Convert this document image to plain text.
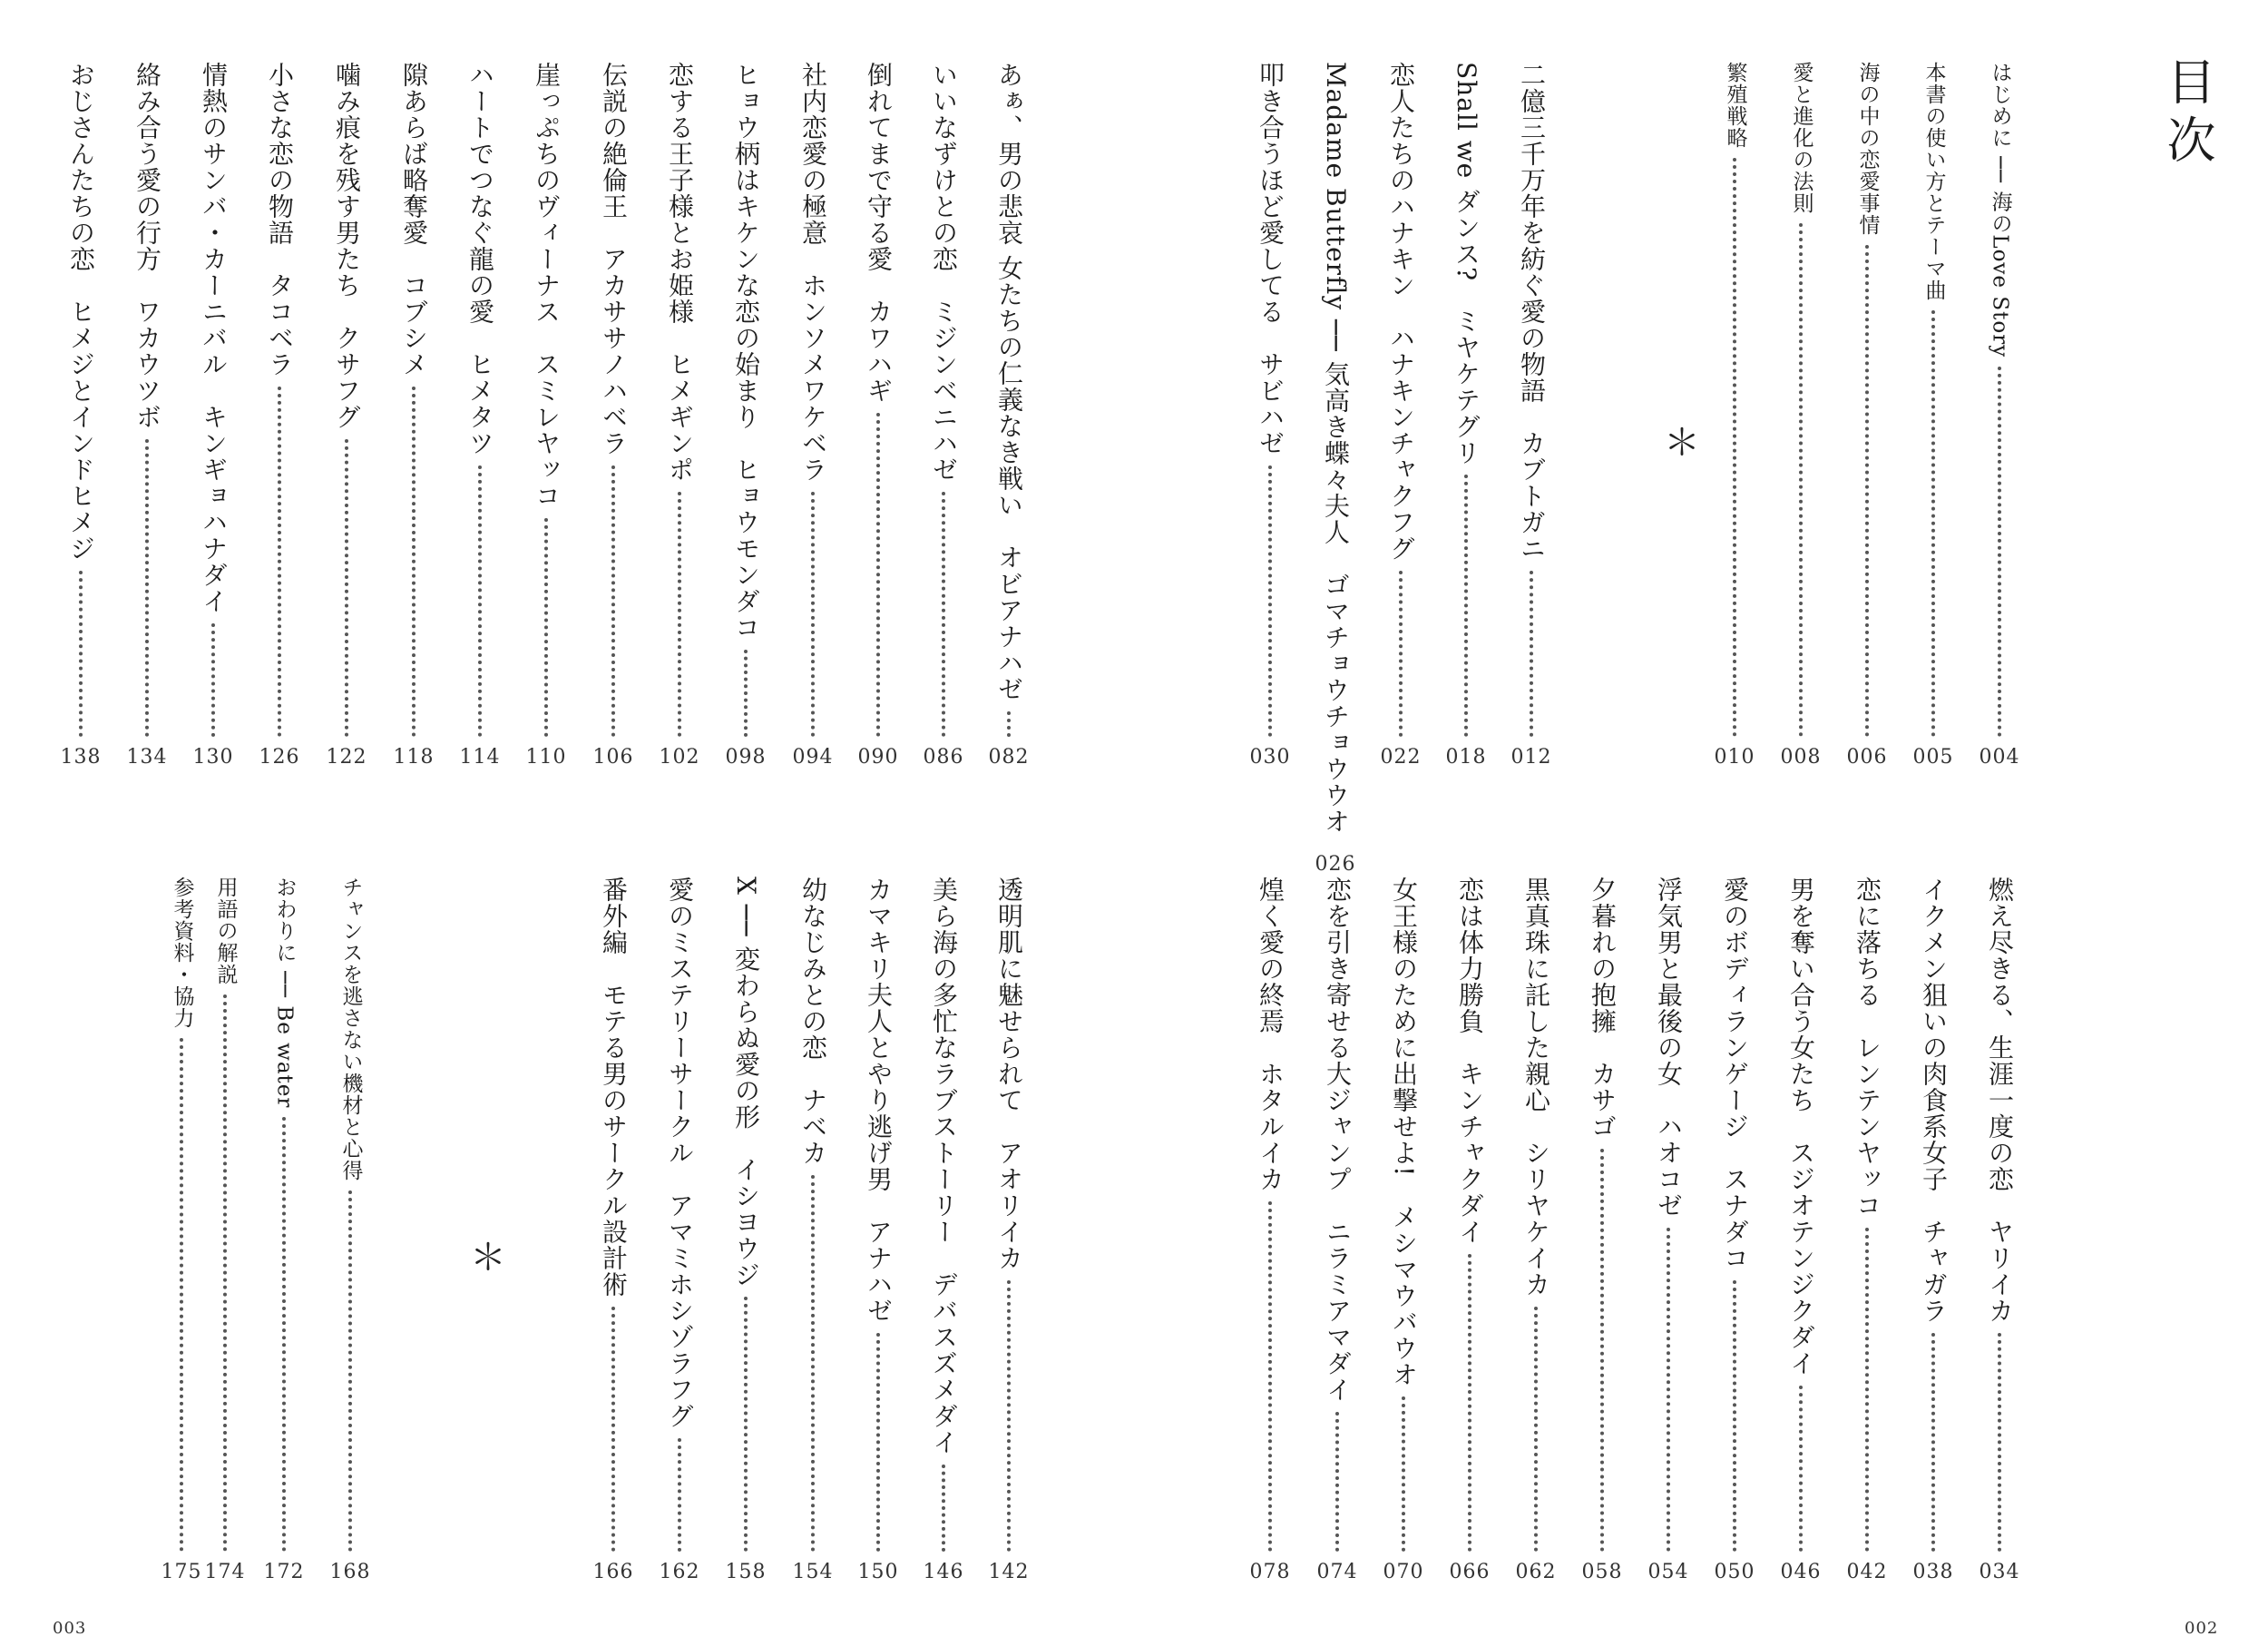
目次
はじめに ── 海のLove Story
004
本書の使い方とテーマ曲
005
海の中の恋愛事情
006
愛と進化の法則
008
繁殖戦略
010
二億三千万年を紡ぐ愛の物語　カブトガニ
012
Shall we ダンス?　ミヤケテグリ
018
恋人たちのハナキン　ハナキンチャクフグ
022
Madame Butterfly ── 気高き蝶々夫人　ゴマチョウチョウウオ
026
叩き合うほど愛してる　サビハゼ
030
＊
あぁ、男の悲哀 女たちの仁義なき戦い　オビアナハゼ
082
いいなずけとの恋　ミジンベニハゼ
086
倒れてまで守る愛　カワハギ
090
社内恋愛の極意　ホンソメワケベラ
094
ヒョウ柄はキケンな恋の始まり　ヒョウモンダコ
098
恋する王子様とお姫様　ヒメギンポ
102
伝説の絶倫王　アカササノハベラ
106
崖っぷちのヴィーナス　スミレヤッコ
110
ハートでつなぐ龍の愛　ヒメタツ
114
隙あらば略奪愛　コブシメ
118
噛み痕を残す男たち　クサフグ
122
小さな恋の物語　タコベラ
126
情熱のサンバ・カーニバル　キンギョハナダイ
130
絡み合う愛の行方　ワカウツボ
134
おじさんたちの恋　ヒメジとインドヒメジ
138
燃え尽きる、生涯一度の恋　ヤリイカ
034
イクメン狙いの肉食系女子　チャガラ
038
恋に落ちる　レンテンヤッコ
042
男を奪い合う女たち　スジオテンジクダイ
046
愛のボディランゲージ　スナダコ
050
浮気男と最後の女　ハオコゼ
054
夕暮れの抱擁　カサゴ
058
黒真珠に託した親心　シリヤケイカ
062
恋は体力勝負　キンチャクダイ
066
女王様のために出撃せよ!　メシマウバウオ
070
恋を引き寄せる大ジャンプ　ニラミアマダイ
074
煌く愛の終焉　ホタルイカ
078
透明肌に魅せられて　アオリイカ
142
美ら海の多忙なラブストーリー　デバスズメダイ
146
カマキリ夫人とやり逃げ男　アナハゼ
150
幼なじみとの恋　ナベカ
154
X ── 変わらぬ愛の形　イシヨウジ
158
愛のミステリーサークル　アマミホシゾラフグ
162
番外編　モテる男のサークル設計術
166
＊
チャンスを逃さない機材と心得
168
おわりに ── Be water
172
用語の解説
174
参考資料・協力
175
003	002
